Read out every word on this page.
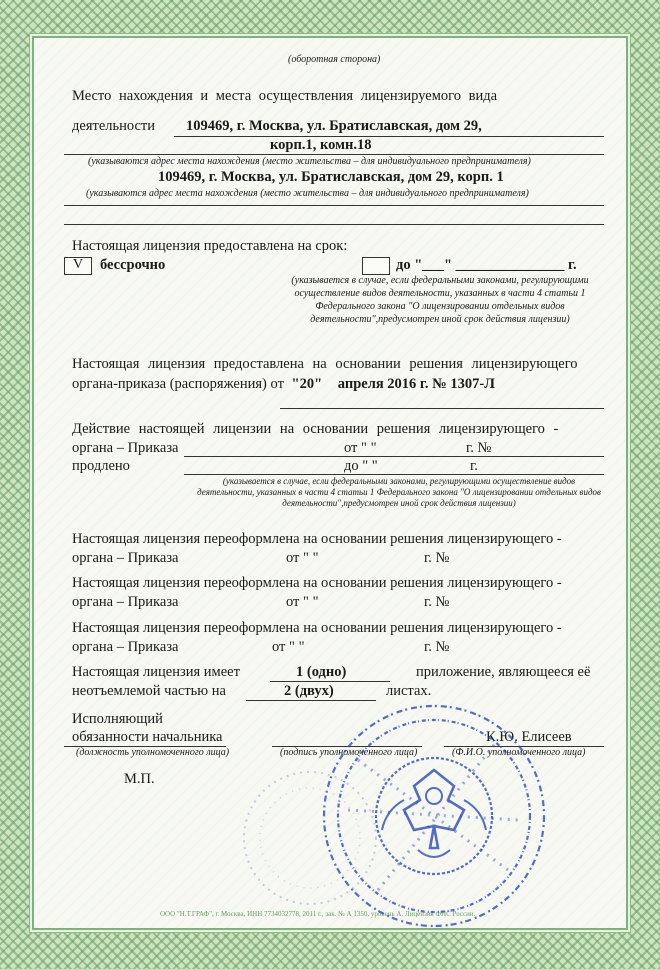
(оборотная сторона)
Место нахождения и места осуществления лицензируемого вида
деятельности 109469, г. Москва, ул. Братиславская, дом 29,
корп.1, комн.18
(указываются адрес места нахождения (место жительства – для индивидуального предпринимателя)
109469, г. Москва, ул. Братиславская, дом 29, корп. 1
(указываются адрес места нахождения (место жительства – для индивидуального предпринимателя)
Настоящая лицензия предоставлена на срок:
V бессрочно	до "___" _______________ г.
(указывается в случае, если федеральными законами, регулирующими осуществление видов деятельности, указанных в части 4 статьи 1 Федерального закона "О лицензировании отдельных видов деятельности",предусмотрен иной срок действия лицензии)
Настоящая лицензия предоставлена на основании решения лицензирующего
органа-приказа (распоряжения) от "20" апреля 2016 г. № 1307-Л
Действие настоящей лицензии на основании решения лицензирующего -
органа – Приказа	от " "	г. №
продлено	до " "	г.
(указывается в случае, если федеральными законами, регулирующими осуществление видов деятельности, указанных в части 4 статьи 1 Федерального закона "О лицензировании отдельных видов деятельности",предусмотрен иной срок действия лицензии)
Настоящая лицензия переоформлена на основании решения лицензирующего -
органа – Приказа	от " "	г. №
Настоящая лицензия переоформлена на основании решения лицензирующего -
органа – Приказа	от " "	г. №
Настоящая лицензия переоформлена на основании решения лицензирующего -
органа – Приказа	от " "	г. №
Настоящая лицензия имеет	1 (одно)	приложение, являющееся её
неотъемлемой частью на	2 (двух)	листах.
Исполняющий
обязанности начальника	К.Ю. Елисеев
(должность уполномоченного лица)	(подпись уполномоченного лица)	(Ф.И.О. уполномоченного лица)
М.П.
ООО "Н.Т.ГРАФ", г. Москва, ИНН 7734032778, 2011 г., зак. № А 1350, уровень А. Лицензия ФНС России.
